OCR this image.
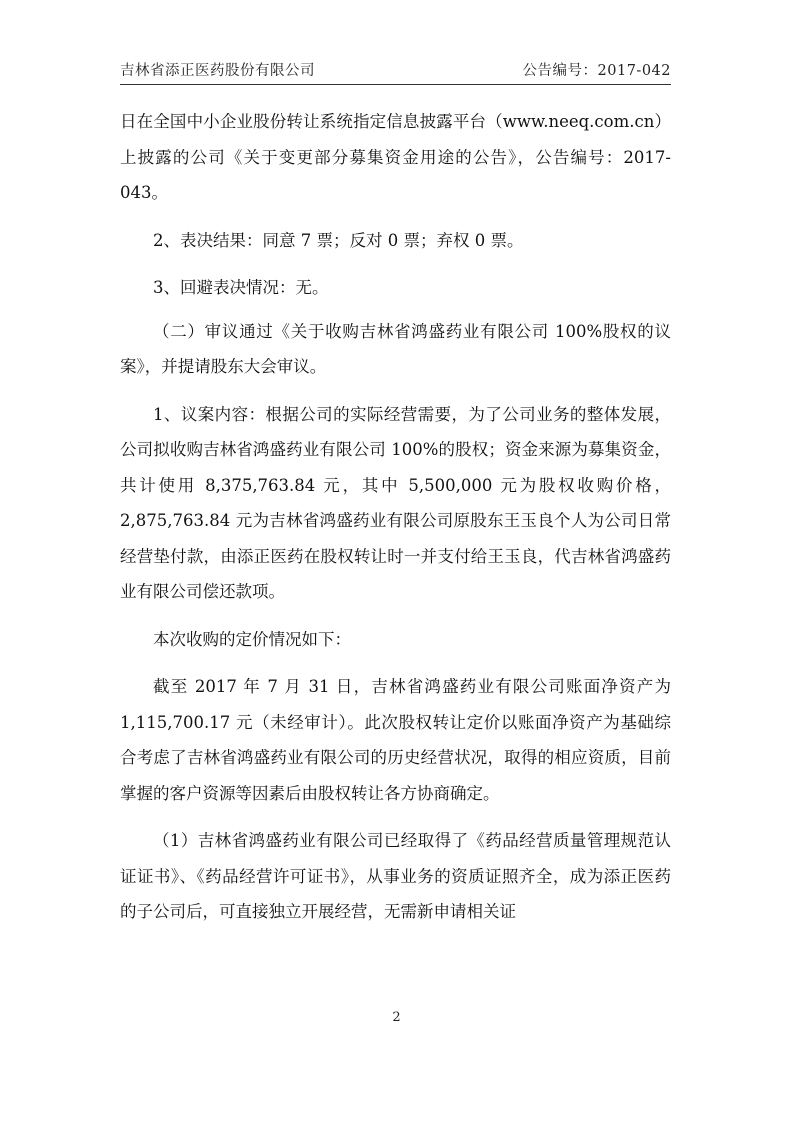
吉林省添正医药股份有限公司	公告编号：2017-042

日在全国中小企业股份转让系统指定信息披露平台（www.neeq.com.cn）上披露的公司《关于变更部分募集资金用途的公告》，公告编号：2017-043。

2、表决结果：同意 7 票；反对 0 票；弃权 0 票。

3、回避表决情况：无。

（二）审议通过《关于收购吉林省鸿盛药业有限公司 100%股权的议案》，并提请股东大会审议。

1、议案内容：根据公司的实际经营需要，为了公司业务的整体发展，公司拟收购吉林省鸿盛药业有限公司 100%的股权；资金来源为募集资金，共计使用 8,375,763.84 元，其中 5,500,000 元为股权收购价格，2,875,763.84 元为吉林省鸿盛药业有限公司原股东王玉良个人为公司日常经营垫付款，由添正医药在股权转让时一并支付给王玉良，代吉林省鸿盛药业有限公司偿还款项。

本次收购的定价情况如下：

截至 2017 年 7 月 31 日，吉林省鸿盛药业有限公司账面净资产为 1,115,700.17 元（未经审计）。此次股权转让定价以账面净资产为基础综合考虑了吉林省鸿盛药业有限公司的历史经营状况，取得的相应资质，目前掌握的客户资源等因素后由股权转让各方协商确定。

（1）吉林省鸿盛药业有限公司已经取得了《药品经营质量管理规范认证证书》、《药品经营许可证书》，从事业务的资质证照齐全，成为添正医药的子公司后，可直接独立开展经营，无需新申请相关证

2
